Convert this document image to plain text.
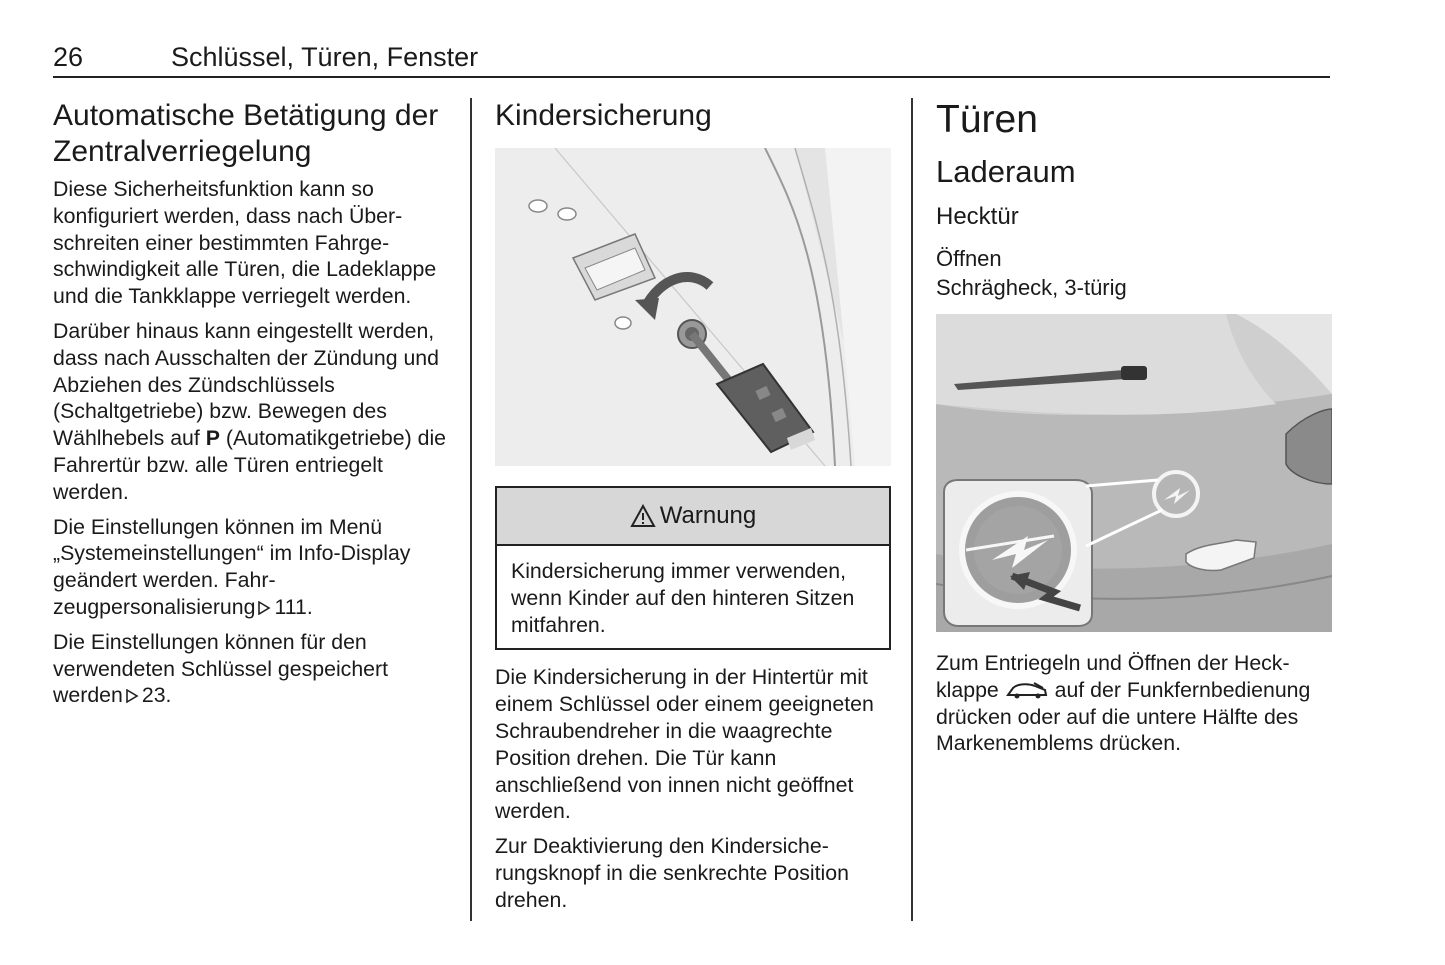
26	Schlüssel, Türen, Fenster
Automatische Betätigung der Zentralverriegelung

Diese Sicherheitsfunktion kann so konfiguriert werden, dass nach Überschreiten einer bestimmten Fahrgeschwindigkeit alle Türen, die Ladeklappe und die Tankklappe verriegelt werden.

Darüber hinaus kann eingestellt werden, dass nach Ausschalten der Zündung und Abziehen des Zündschlüssels (Schaltgetriebe) bzw. Bewegen des Wählhebels auf P (Automatikgetriebe) die Fahrertür bzw. alle Türen entriegelt werden.

Die Einstellungen können im Menü „Systemeinstellungen“ im Info-Display geändert werden. Fahrzeugpersonalisierung 111.

Die Einstellungen können für den verwendeten Schlüssel gespeichert werden 23.

Kindersicherung
Warnung
Kindersicherung immer verwenden, wenn Kinder auf den hinteren Sitzen mitfahren.

Die Kindersicherung in der Hintertür mit einem Schlüssel oder einem geeigneten Schraubendreher in die waagrechte Position drehen. Die Tür kann anschließend von innen nicht geöffnet werden.

Zur Deaktivierung den Kindersicherungsknopf in die senkrechte Position drehen.

Türen
Laderaum
Hecktür
Öffnen
Schrägheck, 3-türig

Zum Entriegeln und Öffnen der Heckklappe	auf der Funkfernbedienung drücken oder auf die untere Hälfte des Markenemblems drücken.
